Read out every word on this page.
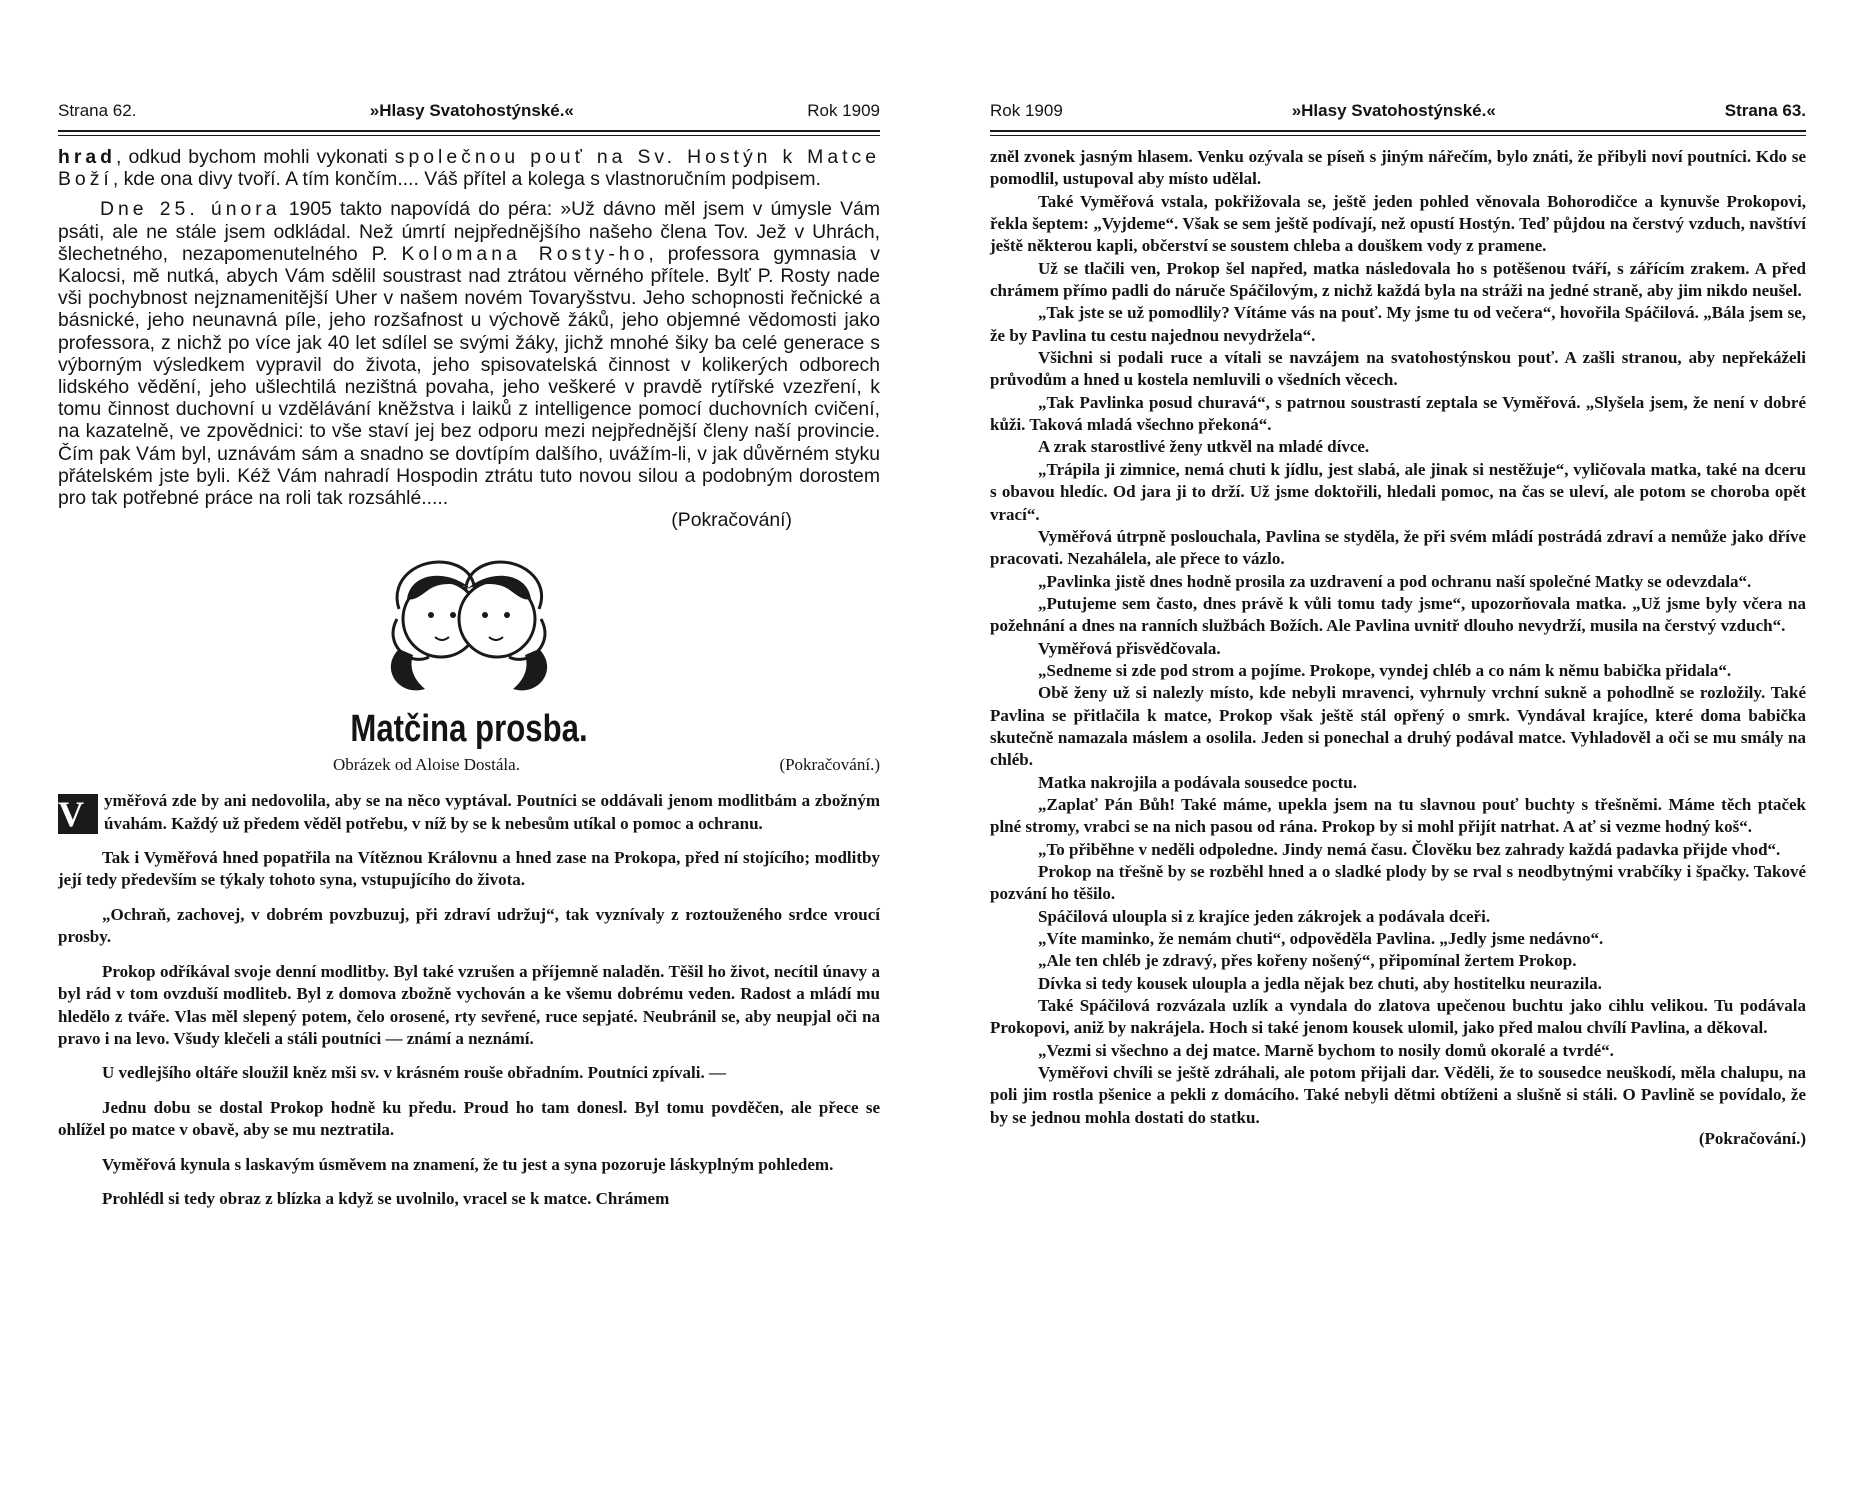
Strana 62.	»Hlasy Svatohostýnské.«	Rok 1909

hrad, odkud bychom mohli vykonati společnou pouť na Sv. Hostýn k Matce Boží, kde ona divy tvoří. A tím končím.... Váš přítel a kolega s vlastnoručním podpisem.

Dne 25. února 1905 takto napovídá do péra: »Už dávno měl jsem v úmysle Vám psáti, ale ne stále jsem odkládal. Než úmrtí nejpřednějšího našeho člena Tov. Jež v Uhrách, šlechetného, nezapomenutelného P. Kolomana Rosty-ho, professora gymnasia v Kalocsi, mě nutká, abych Vám sdělil soustrast nad ztrátou věrného přítele. Bylť P. Rosty nade vši pochybnost nejznamenitější Uher v našem novém Tovaryšstvu. Jeho schopnosti řečnické a básnické, jeho neunavná píle, jeho rozšafnost u výchově žáků, jeho objemné vědomosti jako professora, z nichž po více jak 40 let sdílel se svými žáky, jichž mnohé šiky ba celé generace s výborným výsledkem vypravil do života, jeho spisovatelská činnost v kolikerých odborech lidského vědění, jeho ušlechtilá nezištná povaha, jeho veškeré v pravdě rytířské vzezření, k tomu činnost duchovní u vzdělávání kněžstva i laiků z intelligence pomocí duchovních cvičení, na kazatelně, ve zpovědnici: to vše staví jej bez odporu mezi nejpřednější členy naší provincie. Čím pak Vám byl, uznávám sám a snadno se dovtípím dalšího, uvážím-li, v jak důvěrném styku přátelském jste byli. Kéž Vám nahradí Hospodin ztrátu tuto novou silou a podobným dorostem pro tak potřebné práce na roli tak rozsáhlé.....

(Pokračování)
Matčina prosba.
Obrázek od Aloise Dostála.	(Pokračování.)

V	yměřová zde by ani nedovolila, aby se na něco vyptával. Poutníci se oddávali jenom modlitbám a zbožným úvahám. Každý už předem věděl potřebu, v níž by se k nebesům utíkal o pomoc a ochranu.

Tak i Vyměřová hned popatřila na Vítěznou Královnu a hned zase na Prokopa, před ní stojícího; modlitby její tedy především se týkaly tohoto syna, vstupujícího do života.

„Ochraň, zachovej, v dobrém povzbuzuj, při zdraví udržuj“, tak vyznívaly z roztouženého srdce vroucí prosby.

Prokop odříkával svoje denní modlitby. Byl také vzrušen a příjemně naladěn. Těšil ho život, necítil únavy a byl rád v tom ovzduší modliteb. Byl z domova zbožně vychován a ke všemu dobrému veden. Radost a mládí mu hledělo z tváře. Vlas měl slepený potem, čelo orosené, rty sevřené, ruce sepjaté. Neubránil se, aby neupjal oči na pravo i na levo. Všudy klečeli a stáli poutníci — známí a neznámí.

U vedlejšího oltáře sloužil kněz mši sv. v krásném rouše obřadním. Poutníci zpívali. —

Jednu dobu se dostal Prokop hodně ku předu. Proud ho tam donesl. Byl tomu povděčen, ale přece se ohlížel po matce v obavě, aby se mu neztratila.

Vyměřová kynula s laskavým úsměvem na znamení, že tu jest a syna pozoruje láskyplným pohledem.

Prohlédl si tedy obraz z blízka a když se uvolnilo, vracel se k matce. Chrámem

Rok 1909	»Hlasy Svatohostýnské.«	Strana 63.

zněl zvonek jasným hlasem. Venku ozývala se píseň s jiným nářečím, bylo znáti, že přibyli noví poutníci. Kdo se pomodlil, ustupoval aby místo udělal.

Také Vyměřová vstala, pokřižovala se, ještě jeden pohled věnovala Bohorodičce a kynuvše Prokopovi, řekla šeptem: „Vyjdeme“. Však se sem ještě podívají, než opustí Hostýn. Teď půjdou na čerstvý vzduch, navštíví ještě některou kapli, občerství se soustem chleba a douškem vody z pramene.

Už se tlačili ven, Prokop šel napřed, matka následovala ho s potěšenou tváří, s zářícím zrakem. A před chrámem přímo padli do náruče Spáčilovým, z nichž každá byla na stráži na jedné straně, aby jim nikdo neušel.

„Tak jste se už pomodlily? Vítáme vás na pouť. My jsme tu od večera“, hovořila Spáčilová. „Bála jsem se, že by Pavlina tu cestu najednou nevydržela“.

Všichni si podali ruce a vítali se navzájem na svatohostýnskou pouť. A zašli stranou, aby nepřekáželi průvodům a hned u kostela nemluvili o všedních věcech.

„Tak Pavlinka posud churavá“, s patrnou soustrastí zeptala se Vyměřová. „Slyšela jsem, že není v dobré kůži. Taková mladá všechno překoná“.

A zrak starostlivé ženy utkvěl na mladé dívce.

„Trápila ji zimnice, nemá chuti k jídlu, jest slabá, ale jinak si nestěžuje“, vyličovala matka, také na dceru s obavou hledíc. Od jara ji to drží. Už jsme doktořili, hledali pomoc, na čas se uleví, ale potom se choroba opět vrací“.

Vyměřová útrpně poslouchala, Pavlina se styděla, že při svém mládí postrádá zdraví a nemůže jako dříve pracovati. Nezahálela, ale přece to vázlo.

„Pavlinka jistě dnes hodně prosila za uzdravení a pod ochranu naší společné Matky se odevzdala“.

„Putujeme sem často, dnes právě k vůli tomu tady jsme“, upozorňovala matka. „Už jsme byly včera na požehnání a dnes na ranních službách Božích. Ale Pavlina uvnitř dlouho nevydrží, musila na čerstvý vzduch“.

Vyměřová přisvědčovala.

„Sedneme si zde pod strom a pojíme. Prokope, vyndej chléb a co nám k němu babička přidala“.

Obě ženy už si nalezly místo, kde nebyli mravenci, vyhrnuly vrchní sukně a pohodlně se rozložily. Také Pavlina se přitlačila k matce, Prokop však ještě stál opřený o smrk. Vyndával krajíce, které doma babička skutečně namazala máslem a osolila. Jeden si ponechal a druhý podával matce. Vyhladověl a oči se mu smály na chléb.

Matka nakrojila a podávala sousedce poctu.

„Zaplať Pán Bůh! Také máme, upekla jsem na tu slavnou pouť buchty s třešněmi. Máme těch ptaček plné stromy, vrabci se na nich pasou od rána. Prokop by si mohl přijít natrhat. A ať si vezme hodný koš“.

„To přiběhne v neděli odpoledne. Jindy nemá času. Člověku bez zahrady každá padavka přijde vhod“.

Prokop na třešně by se rozběhl hned a o sladké plody by se rval s neodbytnými vrabčíky i špačky. Takové pozvání ho těšilo.

Spáčilová uloupla si z krajíce jeden zákrojek a podávala dceři.

„Víte maminko, že nemám chuti“, odpověděla Pavlina. „Jedly jsme nedávno“.

„Ale ten chléb je zdravý, přes kořeny nošený“, připomínal žertem Prokop.

Dívka si tedy kousek uloupla a jedla nějak bez chuti, aby hostitelku neurazila.

Také Spáčilová rozvázala uzlík a vyndala do zlatova upečenou buchtu jako cihlu velikou. Tu podávala Prokopovi, aniž by nakrájela. Hoch si také jenom kousek ulomil, jako před malou chvílí Pavlina, a děkoval.

„Vezmi si všechno a dej matce. Marně bychom to nosily domů okoralé a tvrdé“.

Vyměřovi chvíli se ještě zdráhali, ale potom přijali dar. Věděli, že to sousedce neuškodí, měla chalupu, na poli jim rostla pšenice a pekli z domácího. Také nebyli dětmi obtíženi a slušně si stáli. O Pavlině se povídalo, že by se jednou mohla dostati do statku.

(Pokračování.)
